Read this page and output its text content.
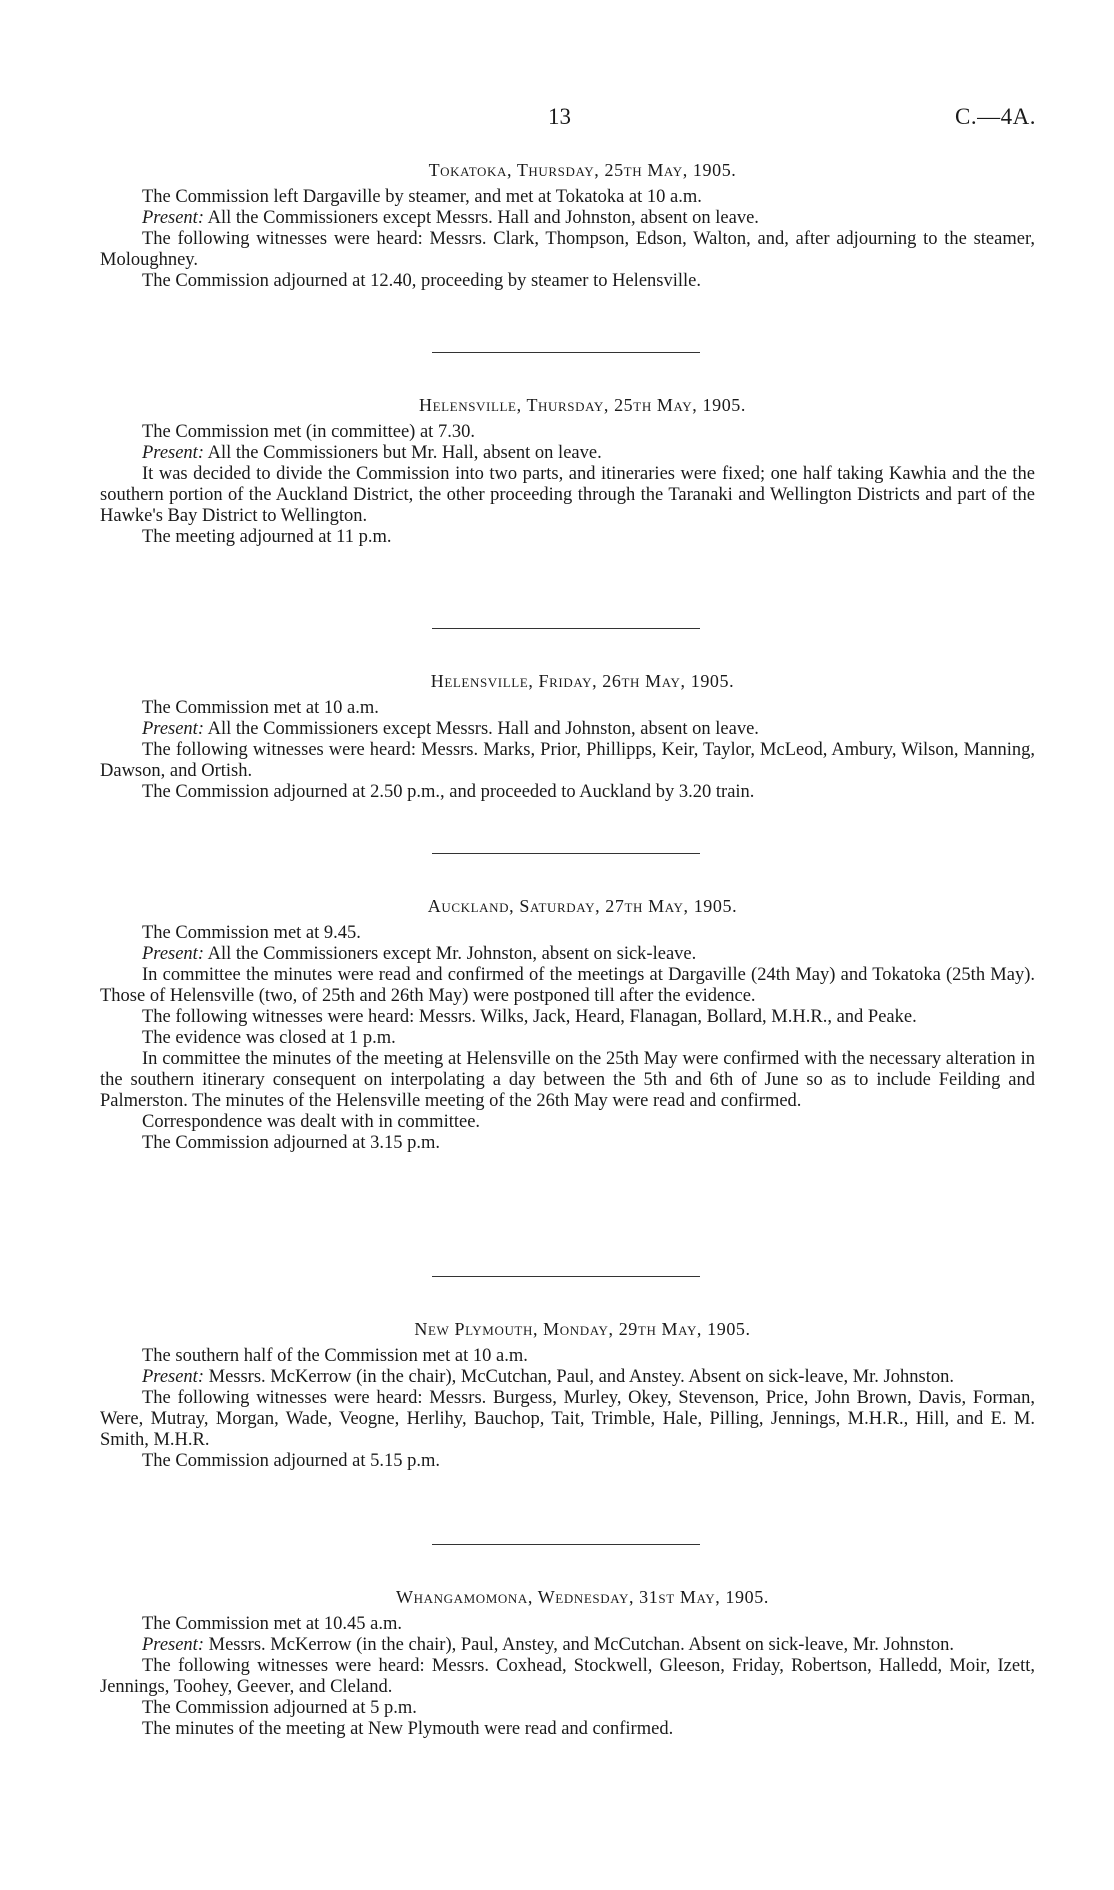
13	C.—4A.
Tokatoka, Thursday, 25th May, 1905.

The Commission left Dargaville by steamer, and met at Tokatoka at 10 a.m.

Present: All the Commissioners except Messrs. Hall and Johnston, absent on leave.

The following witnesses were heard: Messrs. Clark, Thompson, Edson, Walton, and, after adjourning to the steamer, Moloughney.

The Commission adjourned at 12.40, proceeding by steamer to Helensville.

Helensville, Thursday, 25th May, 1905.

The Commission met (in committee) at 7.30.

Present: All the Commissioners but Mr. Hall, absent on leave.

It was decided to divide the Commission into two parts, and itineraries were fixed; one half taking Kawhia and the the southern portion of the Auckland District, the other proceeding through the Taranaki and Wellington Districts and part of the Hawke's Bay District to Wellington.

The meeting adjourned at 11 p.m.

Helensville, Friday, 26th May, 1905.

The Commission met at 10 a.m.

Present: All the Commissioners except Messrs. Hall and Johnston, absent on leave.

The following witnesses were heard: Messrs. Marks, Prior, Phillipps, Keir, Taylor, McLeod, Ambury, Wilson, Manning, Dawson, and Ortish.

The Commission adjourned at 2.50 p.m., and proceeded to Auckland by 3.20 train.

Auckland, Saturday, 27th May, 1905.

The Commission met at 9.45.

Present: All the Commissioners except Mr. Johnston, absent on sick-leave.

In committee the minutes were read and confirmed of the meetings at Dargaville (24th May) and Tokatoka (25th May). Those of Helensville (two, of 25th and 26th May) were postponed till after the evidence.

The following witnesses were heard: Messrs. Wilks, Jack, Heard, Flanagan, Bollard, M.H.R., and Peake.

The evidence was closed at 1 p.m.

In committee the minutes of the meeting at Helensville on the 25th May were confirmed with the necessary alteration in the southern itinerary consequent on interpolating a day between the 5th and 6th of June so as to include Feilding and Palmerston. The minutes of the Helensville meeting of the 26th May were read and confirmed.

Correspondence was dealt with in committee.

The Commission adjourned at 3.15 p.m.

New Plymouth, Monday, 29th May, 1905.

The southern half of the Commission met at 10 a.m.

Present: Messrs. McKerrow (in the chair), McCutchan, Paul, and Anstey. Absent on sick-leave, Mr. Johnston.

The following witnesses were heard: Messrs. Burgess, Murley, Okey, Stevenson, Price, John Brown, Davis, Forman, Were, Mutray, Morgan, Wade, Veogne, Herlihy, Bauchop, Tait, Trimble, Hale, Pilling, Jennings, M.H.R., Hill, and E. M. Smith, M.H.R.

The Commission adjourned at 5.15 p.m.

Whangamomona, Wednesday, 31st May, 1905.

The Commission met at 10.45 a.m.

Present: Messrs. McKerrow (in the chair), Paul, Anstey, and McCutchan. Absent on sick-leave, Mr. Johnston.

The following witnesses were heard: Messrs. Coxhead, Stockwell, Gleeson, Friday, Robertson, Halledd, Moir, Izett, Jennings, Toohey, Geever, and Cleland.

The Commission adjourned at 5 p.m.

The minutes of the meeting at New Plymouth were read and confirmed.
